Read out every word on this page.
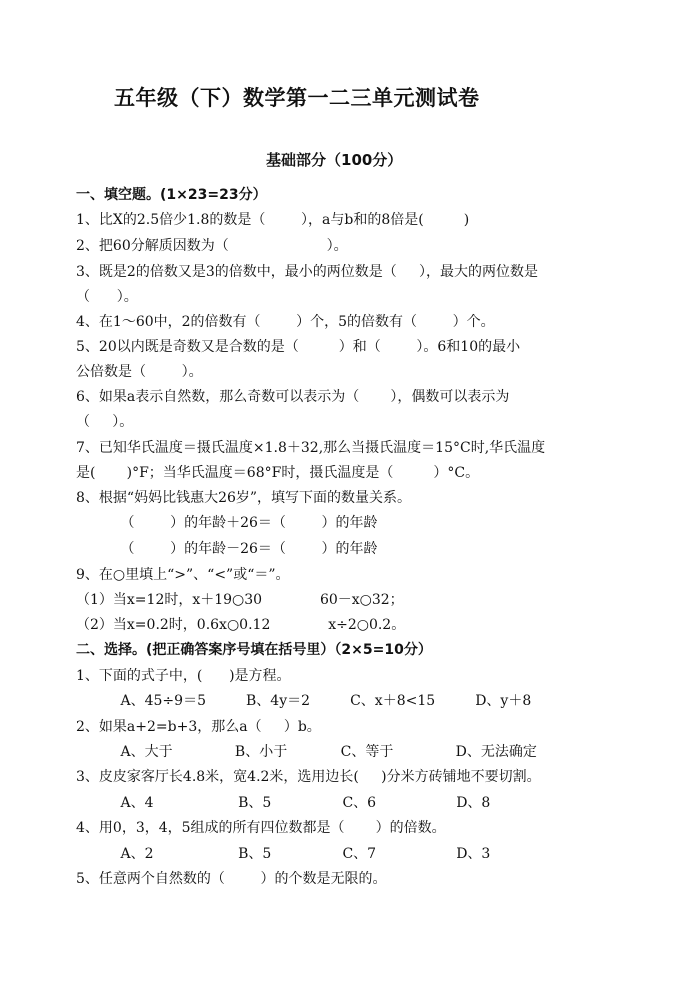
五年级（下）数学第一二三单元测试卷
基础部分（100分）
一、填空题。(1×23=23分）
1、比X的2.5倍少1.8的数是（        ），a与b和的8倍是(         )
2、把60分解质因数为（                      ）。
3、既是2的倍数又是3的倍数中，最小的两位数是（     ），最大的两位数是
（      ）。
4、在1～60中，2的倍数有（        ）个，5的倍数有（        ）个。
5、20以内既是奇数又是合数的是（         ）和（        ）。6和10的最小
公倍数是（        ）。
6、如果a表示自然数，那么奇数可以表示为（       ），偶数可以表示为
（     ）。
7、已知华氏温度＝摄氏温度×1.8＋32,那么当摄氏温度＝15°C时,华氏温度
是(       )°F；当华氏温度＝68°F时，摄氏温度是（         ）°C。
8、根据“妈妈比钱惠大26岁”，填写下面的数量关系。
（        ）的年龄＋26＝（        ）的年龄
（        ）的年龄－26＝（        ）的年龄
9、在○里填上“>”、“<”或“＝”。
（1）当x=12时，x＋19○30             60－x○32；
（2）当x=0.2时，0.6x○0.12             x÷2○0.2。
二、选择。(把正确答案序号填在括号里）（2×5=10分）
1、下面的式子中，(      )是方程。
A、45÷9＝5         B、4y＝2         C、x＋8<15         D、y＋8
2、如果a+2=b+3，那么a（     ）b。
A、大于              B、小于            C、等于              D、无法确定
3、皮皮家客厅长4.8米，宽4.2米，选用边长(     )分米方砖铺地不要切割。
A、4                   B、5                C、6                  D、8
4、用0，3，4，5组成的所有四位数都是（       ）的倍数。
A、2                   B、5                C、7                  D、3
5、任意两个自然数的（        ）的个数是无限的。
